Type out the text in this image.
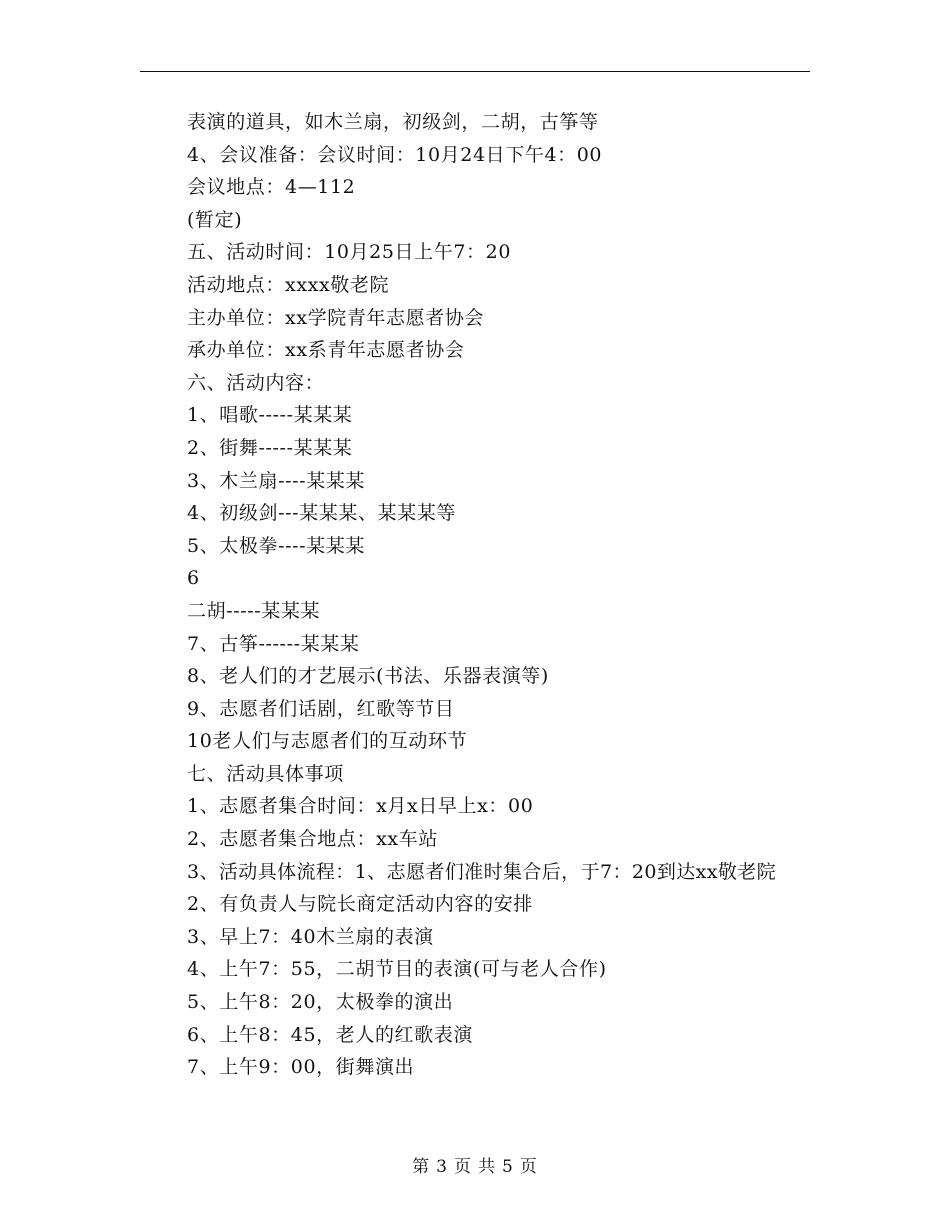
表演的道具，如木兰扇，初级剑，二胡，古筝等
4、会议准备：会议时间：10月24日下午4：00
会议地点：4—112
(暂定)
五、活动时间：10月25日上午7：20
活动地点：xxxx敬老院
主办单位：xx学院青年志愿者协会
承办单位：xx系青年志愿者协会
六、活动内容：
1、唱歌-----某某某
2、街舞-----某某某
3、木兰扇----某某某
4、初级剑---某某某、某某某等
5、太极拳----某某某
6
二胡-----某某某
7、古筝------某某某
8、老人们的才艺展示(书法、乐器表演等)
9、志愿者们话剧，红歌等节目
10老人们与志愿者们的互动环节
七、活动具体事项
1、志愿者集合时间：x月x日早上x：00
2、志愿者集合地点：xx车站
3、活动具体流程：1、志愿者们准时集合后，于7：20到达xx敬老院
2、有负责人与院长商定活动内容的安排
3、早上7：40木兰扇的表演
4、上午7：55，二胡节目的表演(可与老人合作)
5、上午8：20，太极拳的演出
6、上午8：45，老人的红歌表演
7、上午9：00，街舞演出
第 3 页 共 5 页
